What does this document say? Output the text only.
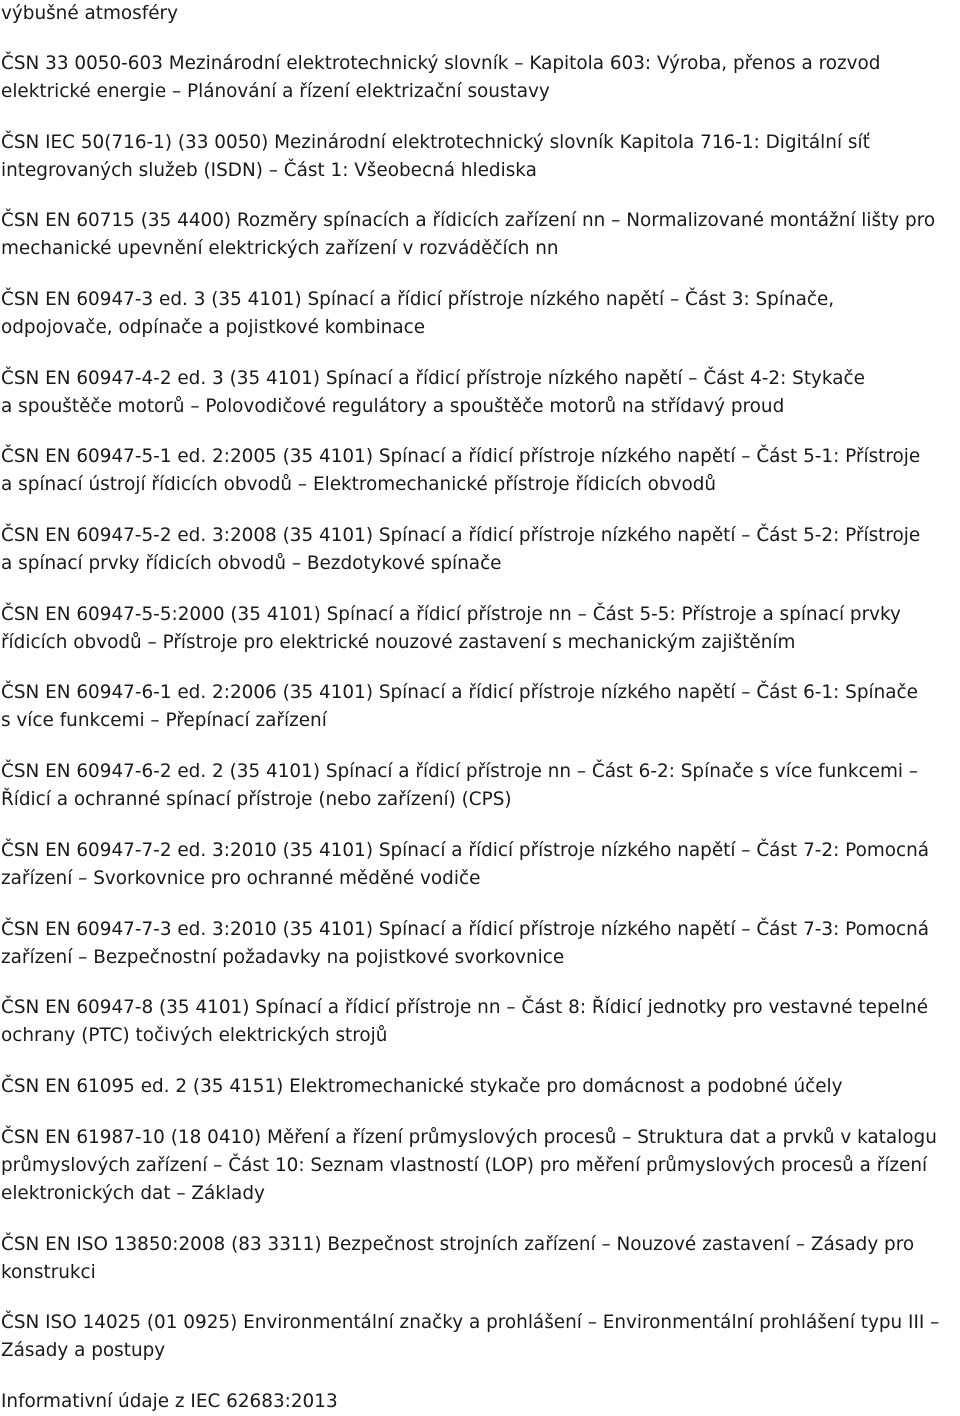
výbušné atmosféry
ČSN 33 0050-603 Mezinárodní elektrotechnický slovník – Kapitola 603: Výroba, přenos a rozvod
elektrické energie – Plánování a řízení elektrizační soustavy
ČSN IEC 50(716-1) (33 0050) Mezinárodní elektrotechnický slovník Kapitola 716-1: Digitální síť
integrovaných služeb (ISDN) – Část 1: Všeobecná hlediska
ČSN EN 60715 (35 4400) Rozměry spínacích a řídicích zařízení nn – Normalizované montážní lišty pro
mechanické upevnění elektrických zařízení v rozváděčích nn
ČSN EN 60947-3 ed. 3 (35 4101) Spínací a řídicí přístroje nízkého napětí – Část 3: Spínače,
odpojovače, odpínače a pojistkové kombinace
ČSN EN 60947-4-2 ed. 3 (35 4101) Spínací a řídicí přístroje nízkého napětí – Část 4-2: Stykače
a spouštěče motorů – Polovodičové regulátory a spouštěče motorů na střídavý proud
ČSN EN 60947-5-1 ed. 2:2005 (35 4101) Spínací a řídicí přístroje nízkého napětí – Část 5-1: Přístroje
a spínací ústrojí řídicích obvodů – Elektromechanické přístroje řídicích obvodů
ČSN EN 60947-5-2 ed. 3:2008 (35 4101) Spínací a řídicí přístroje nízkého napětí – Část 5-2: Přístroje
a spínací prvky řídicích obvodů – Bezdotykové spínače
ČSN EN 60947-5-5:2000 (35 4101) Spínací a řídicí přístroje nn – Část 5-5: Přístroje a spínací prvky
řídicích obvodů – Přístroje pro elektrické nouzové zastavení s mechanickým zajištěním
ČSN EN 60947-6-1 ed. 2:2006 (35 4101) Spínací a řídicí přístroje nízkého napětí – Část 6-1: Spínače
s více funkcemi – Přepínací zařízení
ČSN EN 60947-6-2 ed. 2 (35 4101) Spínací a řídicí přístroje nn – Část 6-2: Spínače s více funkcemi –
Řídicí a ochranné spínací přístroje (nebo zařízení) (CPS)
ČSN EN 60947-7-2 ed. 3:2010 (35 4101) Spínací a řídicí přístroje nízkého napětí – Část 7-2: Pomocná
zařízení – Svorkovnice pro ochranné měděné vodiče
ČSN EN 60947-7-3 ed. 3:2010 (35 4101) Spínací a řídicí přístroje nízkého napětí – Část 7-3: Pomocná
zařízení – Bezpečnostní požadavky na pojistkové svorkovnice
ČSN EN 60947-8 (35 4101) Spínací a řídicí přístroje nn – Část 8: Řídicí jednotky pro vestavné tepelné
ochrany (PTC) točivých elektrických strojů
ČSN EN 61095 ed. 2 (35 4151) Elektromechanické stykače pro domácnost a podobné účely
ČSN EN 61987-10 (18 0410) Měření a řízení průmyslových procesů – Struktura dat a prvků v katalogu
průmyslových zařízení – Část 10: Seznam vlastností (LOP) pro měření průmyslových procesů a řízení
elektronických dat – Základy
ČSN EN ISO 13850:2008 (83 3311) Bezpečnost strojních zařízení – Nouzové zastavení – Zásady pro
konstrukci
ČSN ISO 14025 (01 0925) Environmentální značky a prohlášení – Environmentální prohlášení typu III –
Zásady a postupy
Informativní údaje z IEC 62683:2013
